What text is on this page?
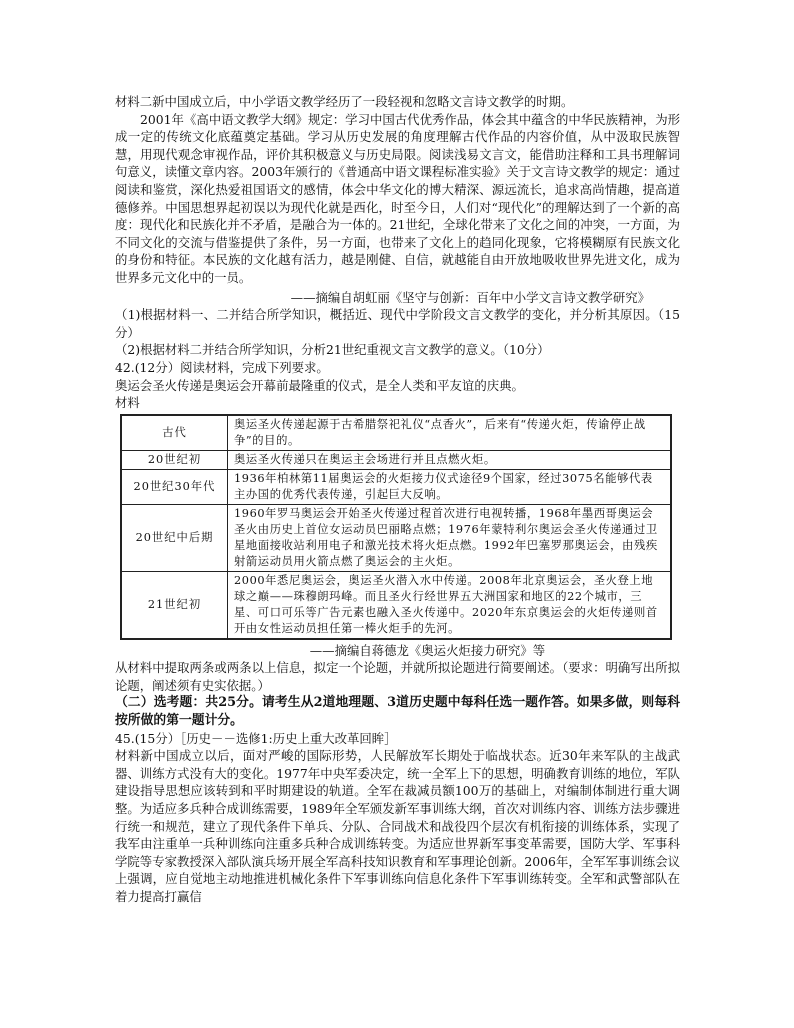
材料二新中国成立后，中小学语文教学经历了一段轻视和忽略文言诗文教学的时期。

2001年《高中语文教学大纲》规定：学习中国古代优秀作品，体会其中蕴含的中华民族精神，为形成一定的传统文化底蕴奠定基础。学习从历史发展的角度理解古代作品的内容价值，从中汲取民族智慧，用现代观念审视作品，评价其积极意义与历史局限。阅读浅易文言文，能借助注释和工具书理解词句意义，读懂文章内容。2003年颁行的《普通高中语文课程标准实验》关于文言诗文教学的规定：通过阅读和鉴赏，深化热爱祖国语文的感情，体会中华文化的博大精深、源远流长，追求高尚情趣，提高道德修养。中国思想界起初误以为现代化就是西化，时至今日，人们对“现代化”的理解达到了一个新的高度：现代化和民族化并不矛盾，是融合为一体的。21世纪，全球化带来了文化之间的冲突，一方面，为不同文化的交流与借鉴提供了条件，另一方面，也带来了文化上的趋同化现象，它将模糊原有民族文化的身份和特征。本民族的文化越有活力，越是刚健、自信，就越能自由开放地吸收世界先进文化，成为世界多元文化中的一员。

——摘编自胡虹丽《坚守与创新：百年中小学文言诗文教学研究》

（1)根据材料一、二并结合所学知识，概括近、现代中学阶段文言文教学的变化，并分析其原因。（15分）

（2)根据材料二并结合所学知识，分析21世纪重视文言文教学的意义。（10分）

42.(12分）阅读材料，完成下列要求。

奥运会圣火传递是奥运会开幕前最隆重的仪式，是全人类和平友谊的庆典。

材料

古代	奥运圣火传递起源于古希腊祭祀礼仪“点香火”，后来有“传递火炬，传谕停止战争”的目的。
20世纪初	奥运圣火传递只在奥运主会场进行并且点燃火炬。
20世纪30年代	1936年柏林第11届奥运会的火炬接力仪式途径9个国家，经过3075名能够代表主办国的优秀代表传递，引起巨大反响。
20世纪中后期	1960年罗马奥运会开始圣火传递过程首次进行电视转播，1968年墨西哥奥运会圣火由历史上首位女运动员巴丽略点燃；1976年蒙特利尔奥运会圣火传递通过卫星地面接收站利用电子和激光技术将火炬点燃。1992年巴塞罗那奥运会，由残疾射箭运动员用火箭点燃了奥运会的主火炬。
21世纪初	2000年悉尼奥运会，奥运圣火潜入水中传递。2008年北京奥运会，圣火登上地球之巅——珠穆朗玛峰。而且圣火行经世界五大洲国家和地区的22个城市，三星、可口可乐等广告元素也融入圣火传递中。2020年东京奥运会的火炬传递则首开由女性运动员担任第一棒火炬手的先河。

——摘编自蒋德龙《奥运火炬接力研究》等

从材料中提取两条或两条以上信息，拟定一个论题，并就所拟论题进行简要阐述。（要求：明确写出所拟论题，阐述须有史实依据。）

（二）选考题：共25分。请考生从2道地理题、3道历史题中每科任选一题作答。如果多做，则每科按所做的第一题计分。

45.(15分）［历史－－选修1:历史上重大改革回眸］

材料新中国成立以后，面对严峻的国际形势，人民解放军长期处于临战状态。近30年来军队的主战武器、训练方式没有大的变化。1977年中央军委决定，统一全军上下的思想，明确教育训练的地位，军队建设指导思想应该转到和平时期建设的轨道。全军在裁减员额100万的基础上，对编制体制进行重大调整。为适应多兵种合成训练需要，1989年全军颁发新军事训练大纲，首次对训练内容、训练方法步骤进行统一和规范，建立了现代条件下单兵、分队、合同战术和战役四个层次有机衔接的训练体系，实现了我军由注重单一兵种训练向注重多兵种合成训练转变。为适应世界新军事变革需要，国防大学、军事科学院等专家教授深入部队演兵场开展全军高科技知识教育和军事理论创新。2006年，全军军事训练会议上强调，应自觉地主动地推进机械化条件下军事训练向信息化条件下军事训练转变。全军和武警部队在着力提高打赢信
